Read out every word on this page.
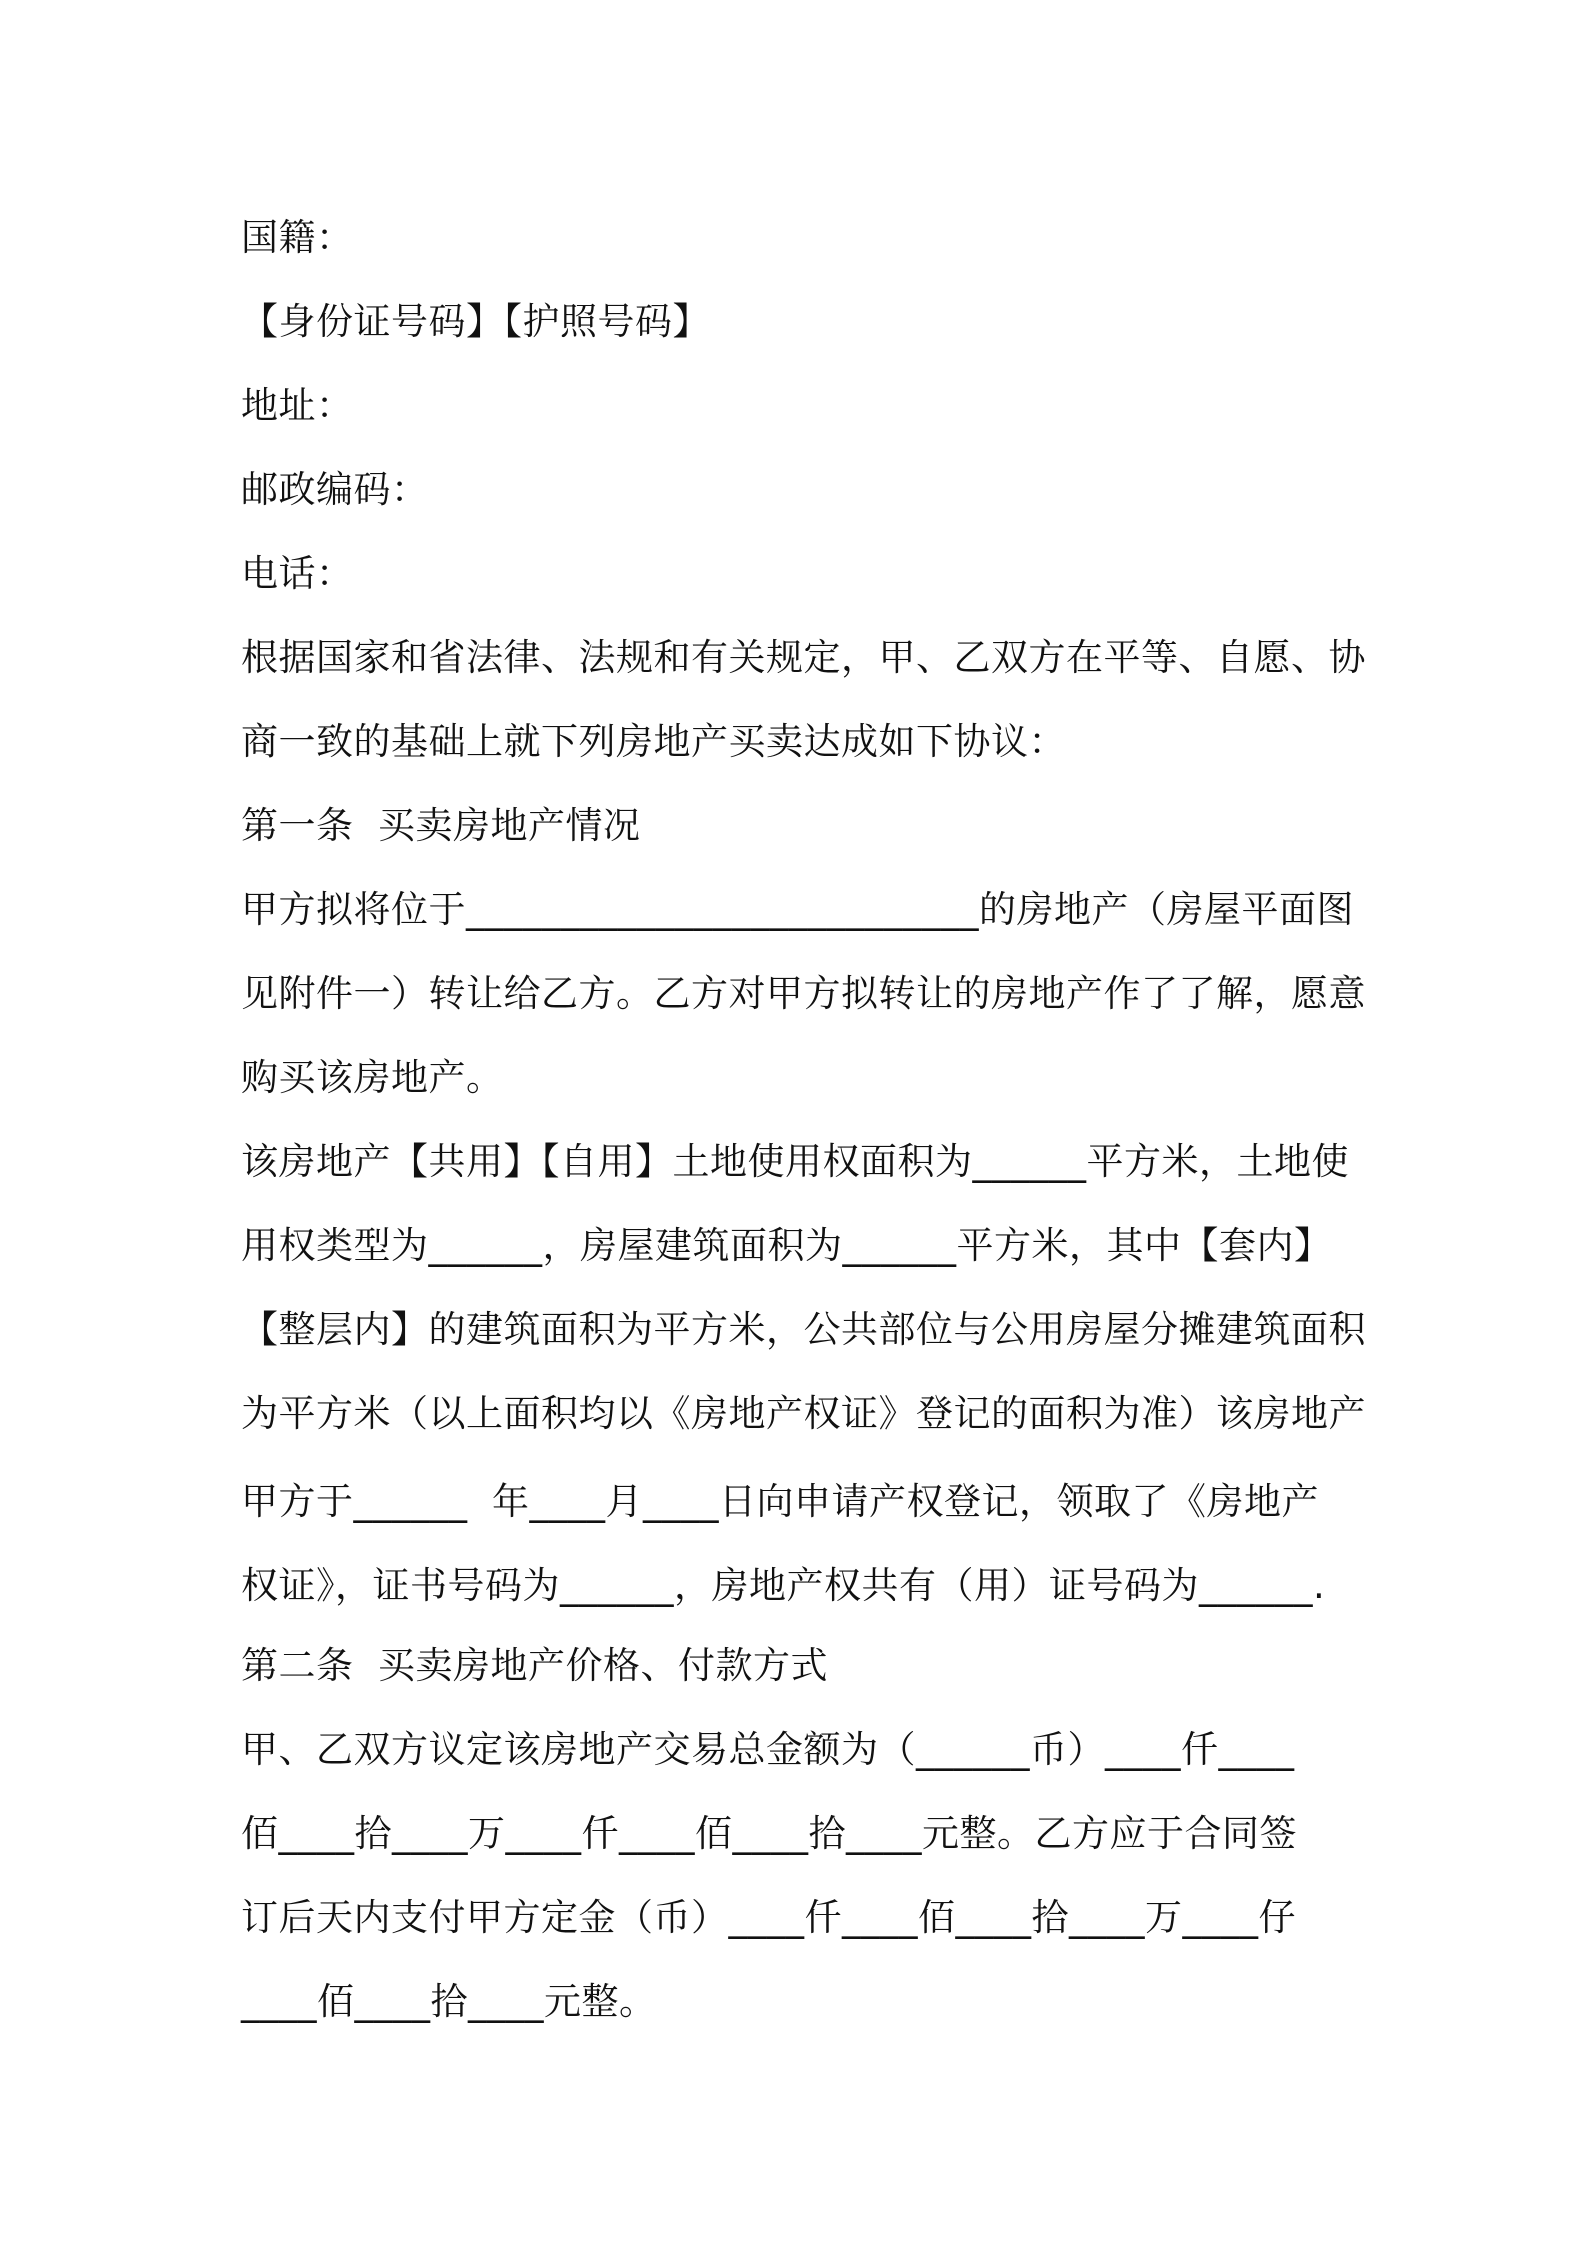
国籍：
【身份证号码】【护照号码】
地址：
邮政编码：
电话：
根据国家和省法律、法规和有关规定，甲、乙双方在平等、自愿、协
商一致的基础上就下列房地产买卖达成如下协议：
第一条  买卖房地产情况
甲方拟将位于___________________________的房地产（房屋平面图
见附件一）转让给乙方。乙方对甲方拟转让的房地产作了了解，愿意
购买该房地产。
该房地产【共用】【自用】土地使用权面积为______平方米，土地使
用权类型为______，房屋建筑面积为______平方米，其中【套内】
【整层内】的建筑面积为平方米，公共部位与公用房屋分摊建筑面积
为平方米（以上面积均以《房地产权证》登记的面积为准）该房地产
甲方于______  年____月____日向申请产权登记，领取了《房地产
权证》，证书号码为______，房地产权共有（用）证号码为______.
第二条  买卖房地产价格、付款方式
甲、乙双方议定该房地产交易总金额为（______币）____仟____
佰____拾____万____仟____佰____拾____元整。乙方应于合同签
订后天内支付甲方定金（币）____仟____佰____拾____万____仔
____佰____拾____元整。
